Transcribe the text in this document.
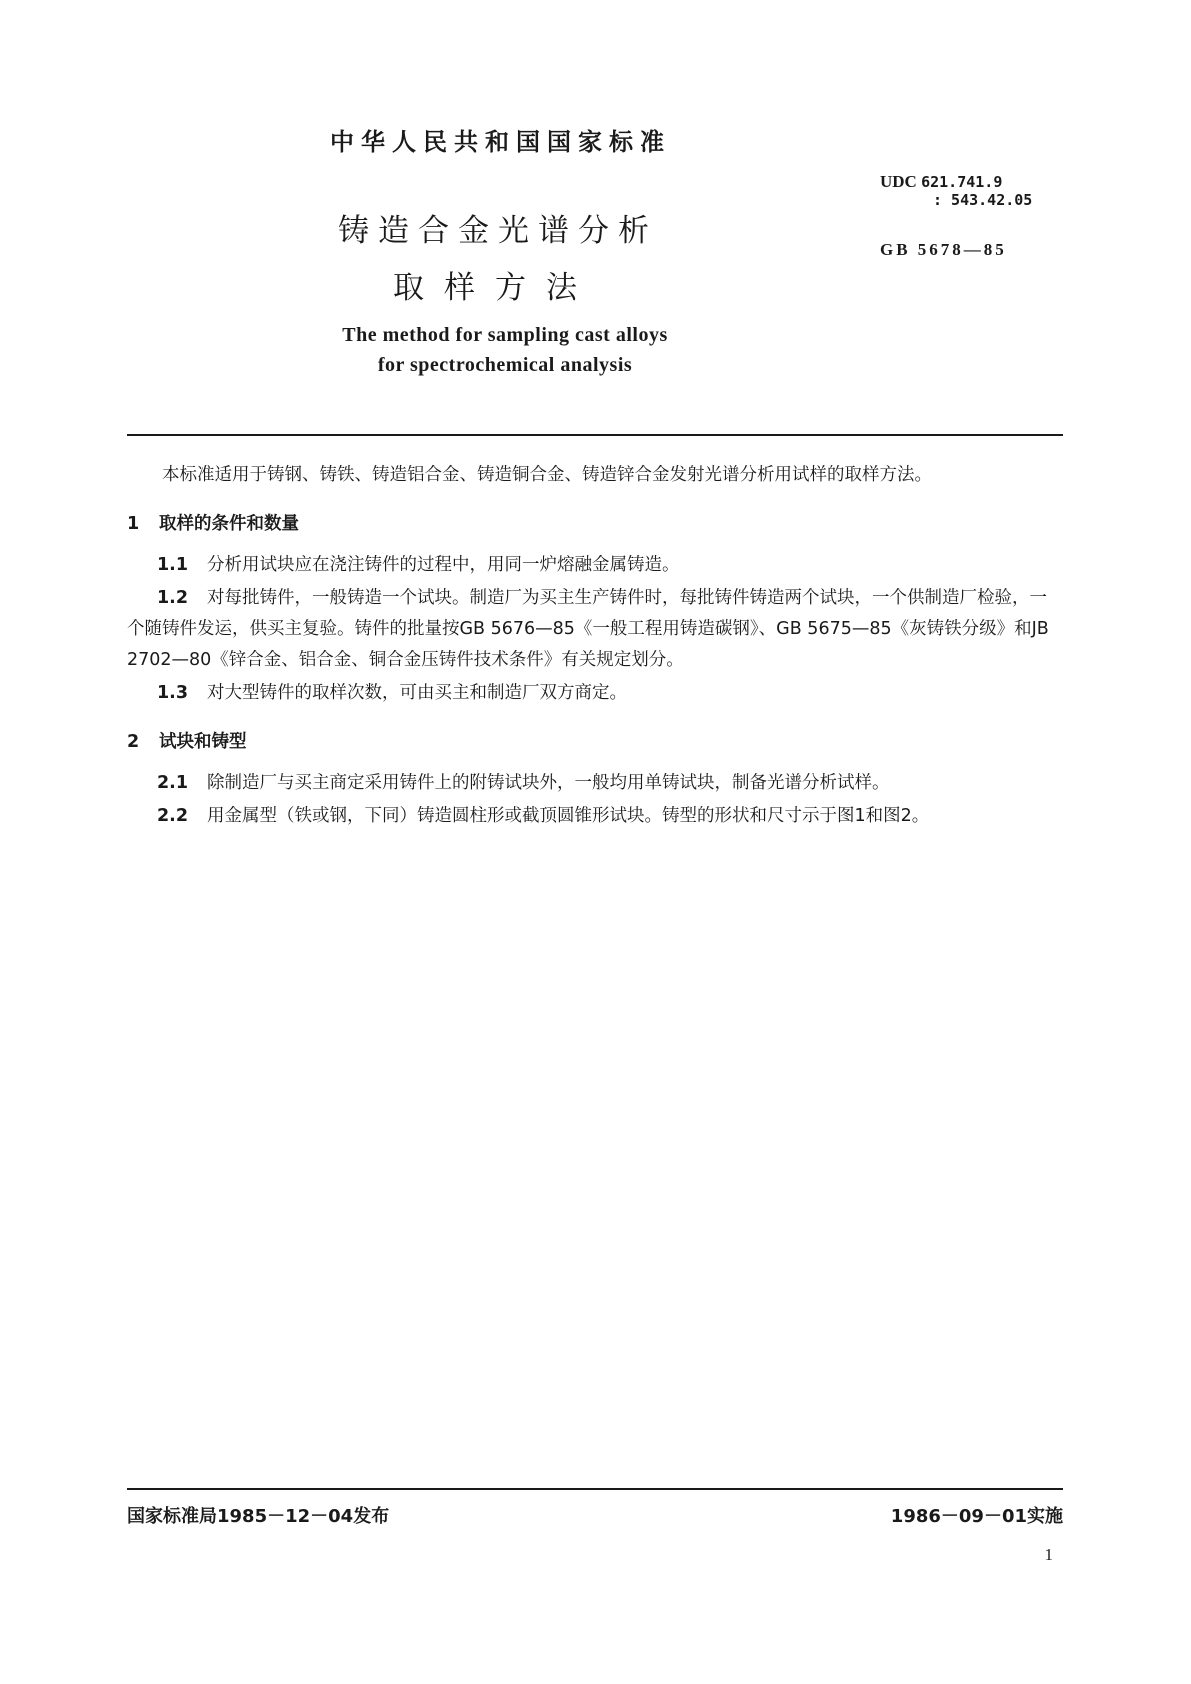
中华人民共和国国家标准
铸造合金光谱分析
取样方法
The method for sampling cast alloys
for spectrochemical analysis
UDC 621.741.9
: 543.42.05
GB 5678—85

本标准适用于铸钢、铸铁、铸造铝合金、铸造铜合金、铸造锌合金发射光谱分析用试样的取样方法。

1 取样的条件和数量

1.1 分析用试块应在浇注铸件的过程中，用同一炉熔融金属铸造。

1.2 对每批铸件，一般铸造一个试块。制造厂为买主生产铸件时，每批铸件铸造两个试块，一个供制造厂检验，一个随铸件发运，供买主复验。铸件的批量按GB 5676—85《一般工程用铸造碳钢》、GB 5675—85《灰铸铁分级》和JB 2702—80《锌合金、铝合金、铜合金压铸件技术条件》有关规定划分。

1.3 对大型铸件的取样次数，可由买主和制造厂双方商定。

2 试块和铸型

2.1 除制造厂与买主商定采用铸件上的附铸试块外，一般均用单铸试块，制备光谱分析试样。

2.2 用金属型（铁或钢，下同）铸造圆柱形或截顶圆锥形试块。铸型的形状和尺寸示于图1和图2。

国家标准局1985－12－04发布	1986－09－01实施
1
